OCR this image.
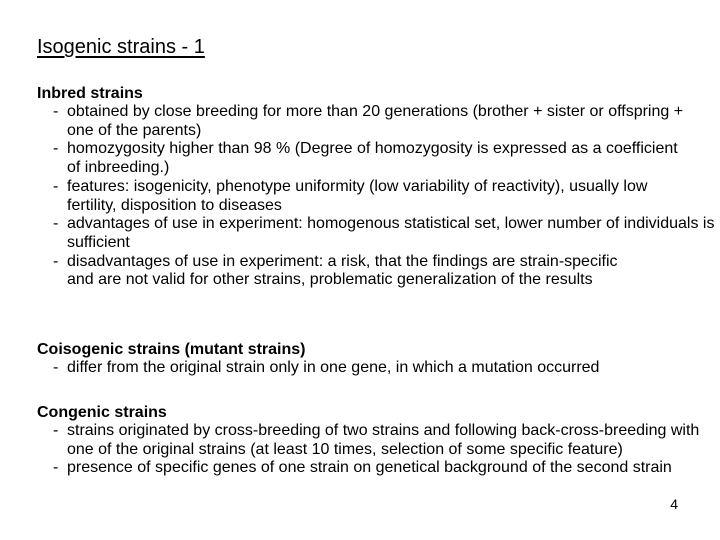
Isogenic strains - 1
Inbred strains
- obtained by close breeding for more than 20 generations (brother + sister or offspring + one of the parents)
- homozygosity higher than 98 % (Degree of homozygosity is expressed as a coefficient of inbreeding.)
- features: isogenicity, phenotype uniformity (low variability of reactivity), usually low fertility, disposition to diseases
- advantages of use in experiment: homogenous statistical set, lower number of individuals is sufficient
- disadvantages of use in experiment: a risk, that the findings are strain-specific and are not valid for other strains, problematic generalization of the results
Coisogenic strains (mutant strains)
- differ from the original strain only in one gene, in which a mutation occurred
Congenic strains
- strains originated by cross-breeding of two strains and following back-cross-breeding with one of the original strains (at least 10 times, selection of some specific feature)
- presence of specific genes of one strain on genetical background of the second strain
4
